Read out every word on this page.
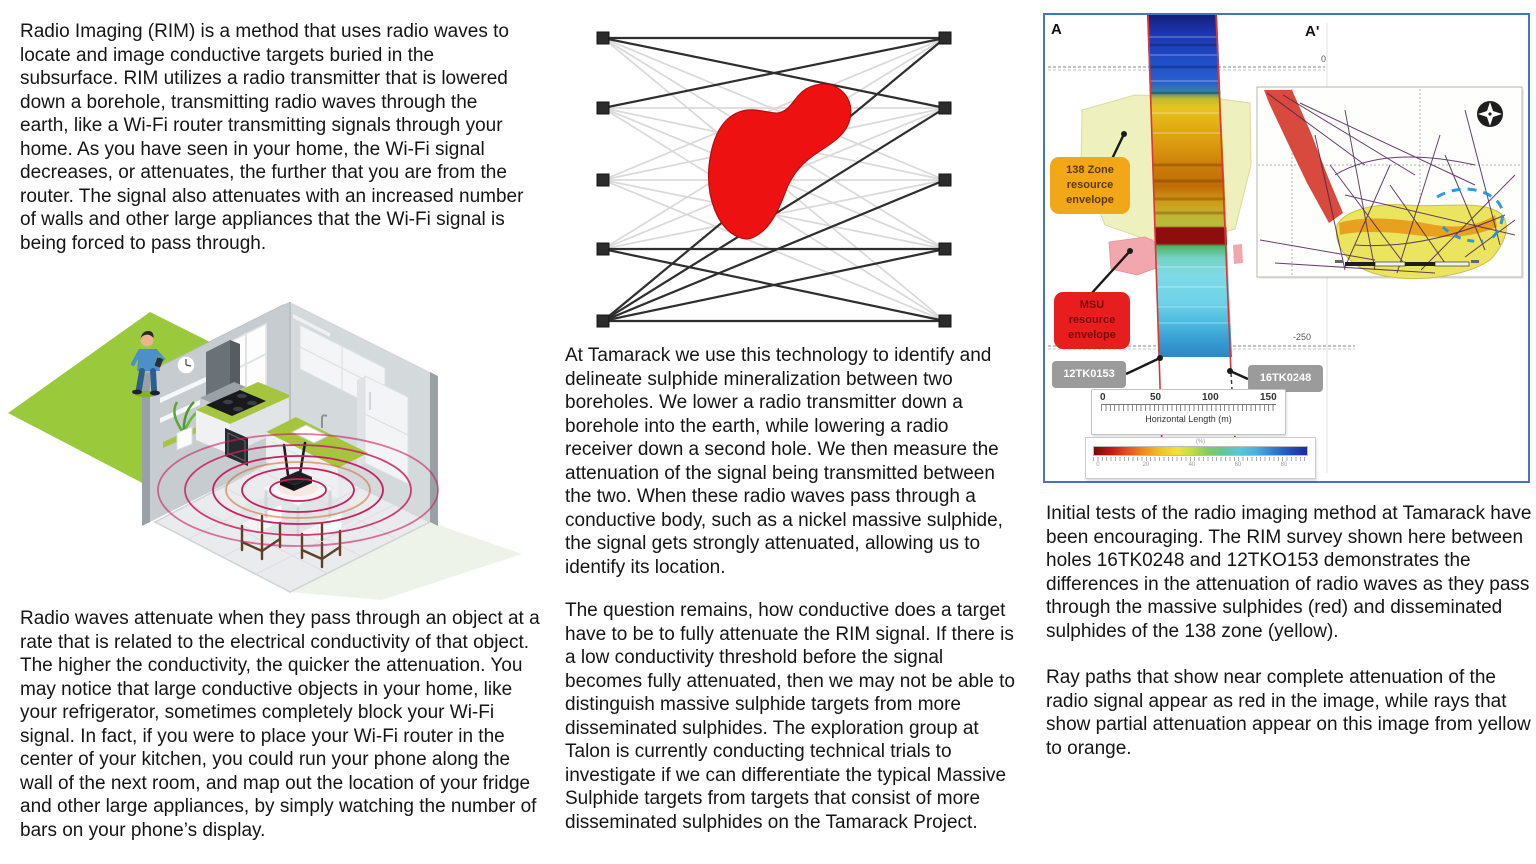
Radio Imaging (RIM) is a method that uses radio waves to locate and image conductive targets buried in the subsurface. RIM utilizes a radio transmitter that is lowered down a borehole, transmitting radio waves through the earth, like a Wi-Fi router transmitting signals through your home. As you have seen in your home, the Wi-Fi signal decreases, or attenuates, the further that you are from the router. The signal also attenuates with an increased number of walls and other large appliances that the Wi-Fi signal is being forced to pass through.
Radio waves attenuate when they pass through an object at a rate that is related to the electrical conductivity of that object. The higher the conductivity, the quicker the attenuation. You may notice that large conductive objects in your home, like your refrigerator, sometimes completely block your Wi-Fi signal. In fact, if you were to place your Wi-Fi router in the center of your kitchen, you could run your phone along the wall of the next room, and map out the location of your fridge and other large appliances, by simply watching the number of bars on your phone’s display.
At Tamarack we use this technology to identify and delineate sulphide mineralization between two boreholes. We lower a radio transmitter down a borehole into the earth, while lowering a radio receiver down a second hole. We then measure the attenuation of the signal being transmitted between the two. When these radio waves pass through a conductive body, such as a nickel massive sulphide, the signal gets strongly attenuated, allowing us to identify its location.
The question remains, how conductive does a target have to be to fully attenuate the RIM signal. If there is a low conductivity threshold before the signal becomes fully attenuated, then we may not be able to distinguish massive sulphide targets from more disseminated sulphides. The exploration group at Talon is currently conducting technical trials to investigate if we can differentiate the typical Massive Sulphide targets from targets that consist of more disseminated sulphides on the Tamarack Project.
A	A'
0
-250
138 Zone resource envelope
MSU resource envelope
12TK0153	16TK0248
0	50	100	150
Horizontal Length (m)
(%)
0	20	40	60	80
Initial tests of the radio imaging method at Tamarack have been encouraging. The RIM survey shown here between holes 16TK0248 and 12TKO153 demonstrates the differences in the attenuation of radio waves as they pass through the massive sulphides (red) and disseminated sulphides of the 138 zone (yellow).
Ray paths that show near complete attenuation of the radio signal appear as red in the image, while rays that show partial attenuation appear on this image from yellow to orange.
